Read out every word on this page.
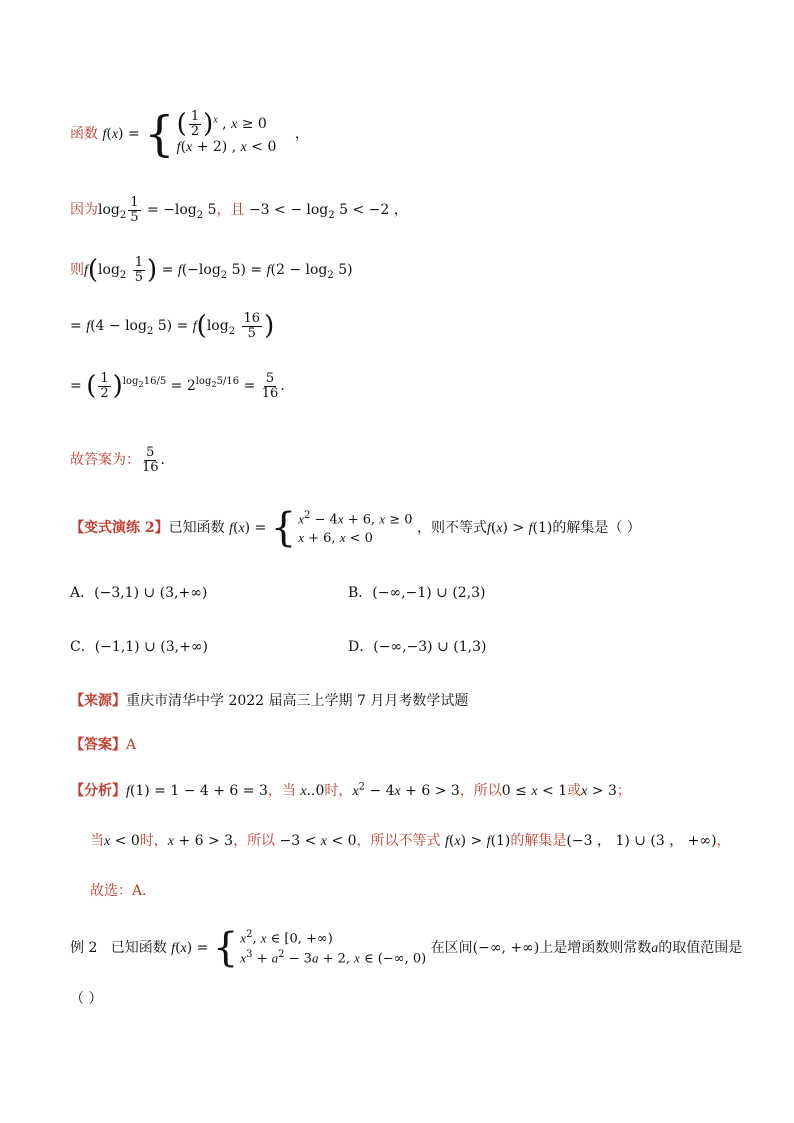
函数 f(x) = { ( $\frac{1}{2} )^x$ , x ≥ 0
f(x + 2) , x < 0
，
因为$\log_2 \frac{1}{5} = -\log_2$ 5，且 −3 < − $\log_2 5 < -2$ ，
则$f(\log_2 \frac{1}{5}$ ) = $f(-\log_2$ $5) = f(2 - \log_2 5)$
= $f(4 - \log_2 5) = f(\log_2 \frac{16}{5}$ )
= ( $\frac{1}{2} )^{log_216/5} = 2^{log_25/16} = \frac{5}{16}$ ．
故答案为： $\frac{5}{16}$ ．
【变式演练 2】已知函数 f(x) = { $x^2 - 4x + 6$, x ≥ 0
x + 6, x < 0
，则不等式f(x) > f(1)的解集是（ ）
A．(−3,1) ∪ (3,+∞)	B．(−∞,−1) ∪ (2,3)
C．(−1,1) ∪ (3,+∞)	D．(−∞,−3) ∪ (1,3)
【来源】重庆市清华中学 2022 届高三上学期 7 月月考数学试题
【答案】A
【分析】f(1) = 1 − 4 + 6 = 3，当 x..0时，$x^2 - 4x + 6 > 3$，所以0 ≤ x < 1或x > 3；
当x < 0时，x + 6 > 3，所以 −3 < x < 0，所以不等式 f(x) > f(1)的解集是(−3 ， 1) ∪ (3 ， +∞)，
故选：A．
例 2 已知函数 f(x) = { $x^2$, x ∈ [0, +∞)
$x^3 + a^2 - 3a + 2$, x ∈ (−∞, 0)
在区间(−∞, +∞)上是增函数则常数a的取值范围是
（ ）
